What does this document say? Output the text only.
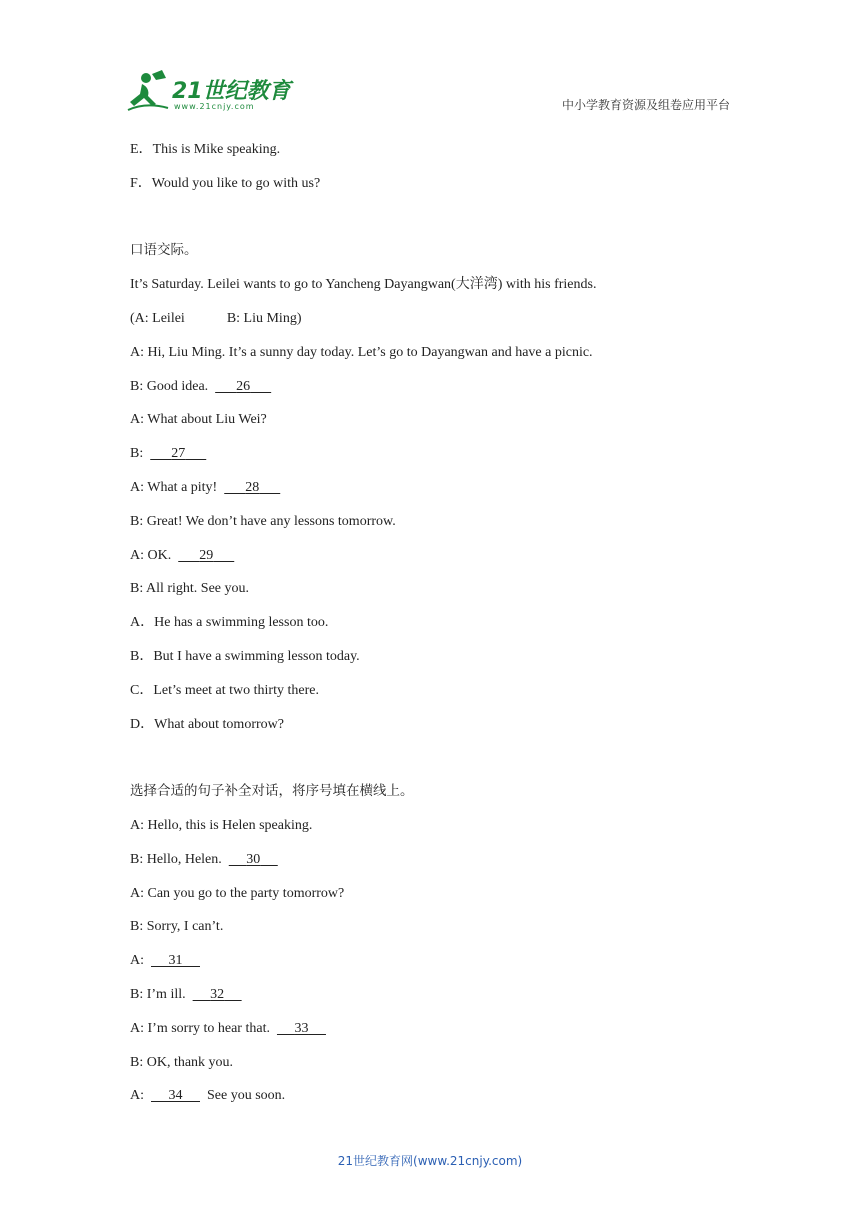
21世纪教育
www.21cnjy.com	中小学教育资源及组卷应用平台
E．This is Mike speaking.
F．Would you like to go with us?
口语交际。
It’s Saturday. Leilei wants to go to Yancheng Dayangwan(大洋湾) with his friends.
(A: Leilei	B: Liu Ming)
A: Hi, Liu Ming. It’s a sunny day today. Let’s go to Dayangwan and have a picnic.
B: Good idea. 26
A: What about Liu Wei?
B: 27
A: What a pity! 28
B: Great! We don’t have any lessons tomorrow.
A: OK. 29
B: All right. See you.
A．He has a swimming lesson too.
B．But I have a swimming lesson today.
C．Let’s meet at two thirty there.
D．What about tomorrow?
选择合适的句子补全对话，将序号填在横线上。
A: Hello, this is Helen speaking.
B: Hello, Helen. 30
A: Can you go to the party tomorrow?
B: Sorry, I can’t.
A: 31
B: I’m ill. 32
A: I’m sorry to hear that. 33
B: OK, thank you.
A: 34 See you soon.
21世纪教育网(www.21cnjy.com)
